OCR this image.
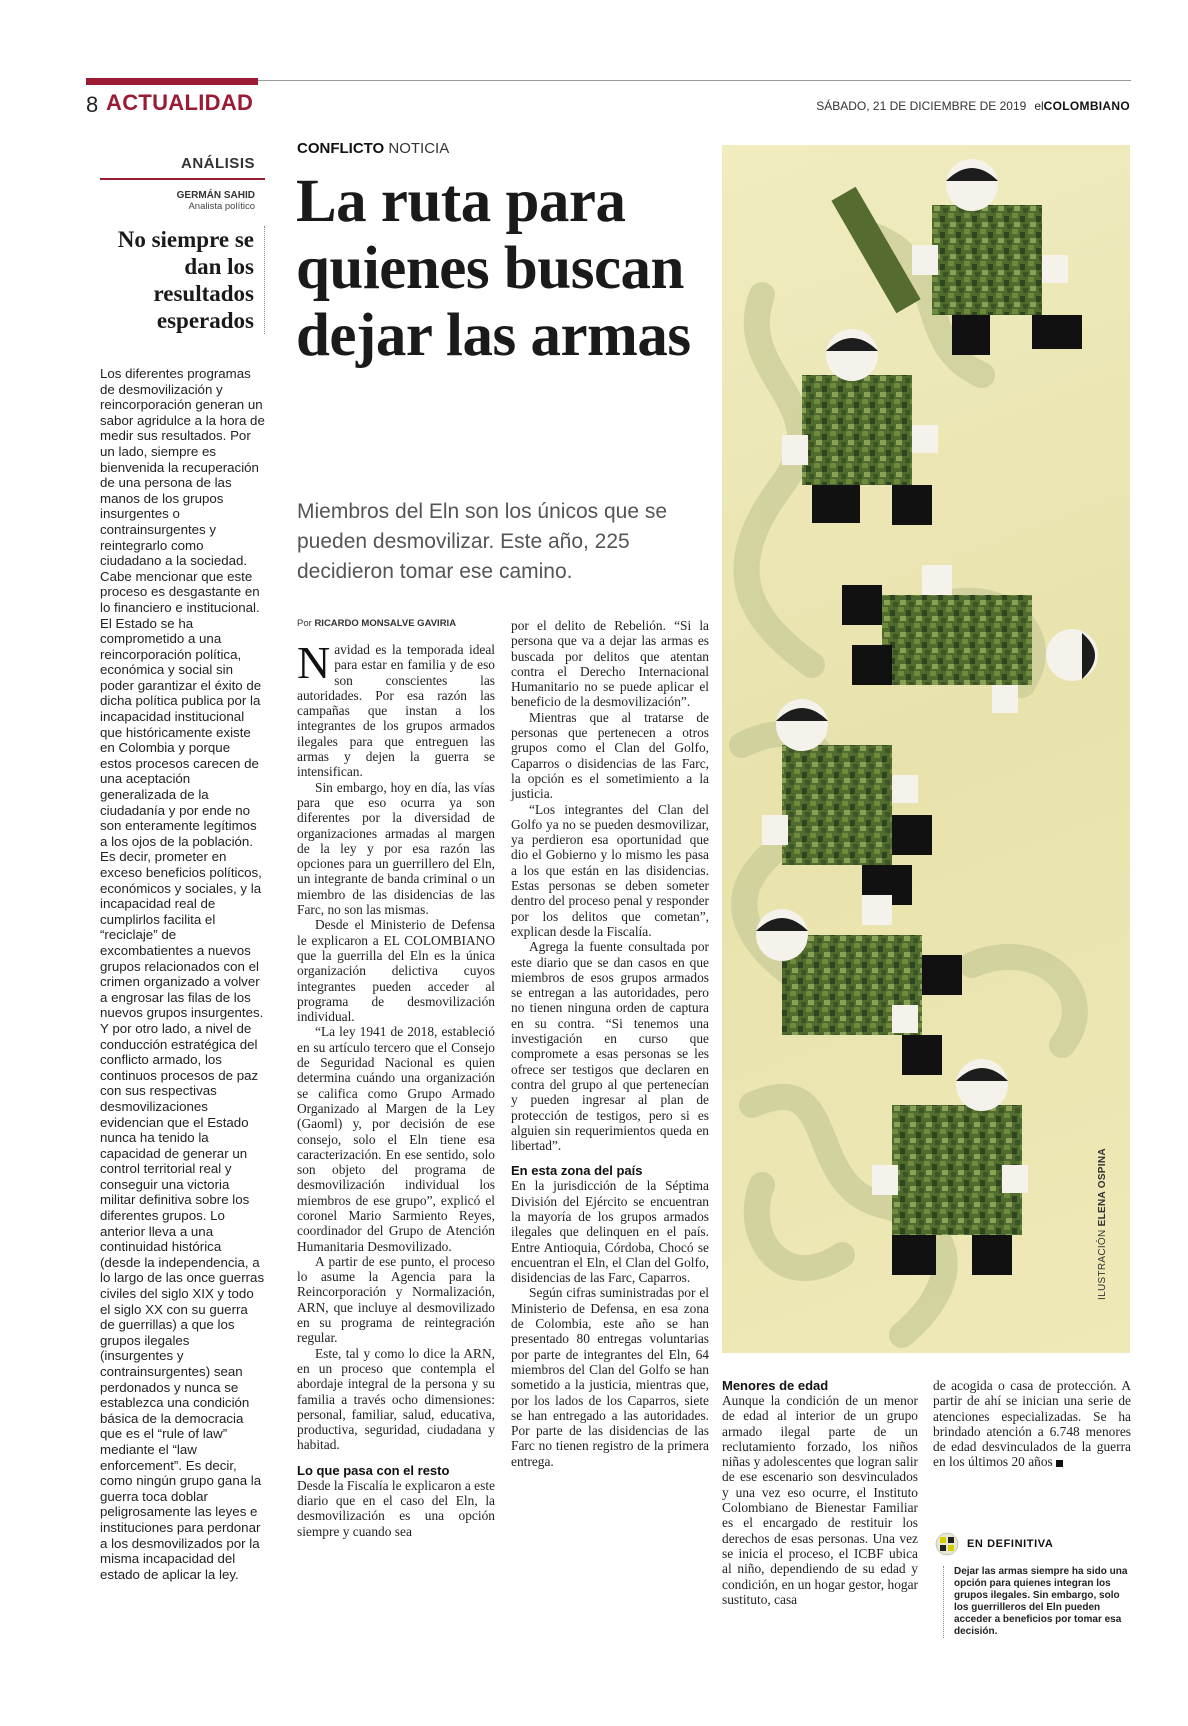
8 ACTUALIDAD	SÁBADO, 21 DE DICIEMBRE DE 2019 elCOLOMBIANO
ANÁLISIS
GERMÁN SAHID
Analista político
No siempre se dan los resultados esperados
Los diferentes programas de desmovilización y reincorporación generan un sabor agridulce a la hora de medir sus resultados. Por un lado, siempre es bienvenida la recuperación de una persona de las manos de los grupos insurgentes o contrainsurgentes y reintegrarlo como ciudadano a la sociedad. Cabe mencionar que este proceso es desgastante en lo financiero e institucional. El Estado se ha comprometido a una reincorporación política, económica y social sin poder garantizar el éxito de dicha política publica por la incapacidad institucional que históricamente existe en Colombia y porque estos procesos carecen de una aceptación generalizada de la ciudadanía y por ende no son enteramente legítimos a los ojos de la población. Es decir, prometer en exceso beneficios políticos, económicos y sociales, y la incapacidad real de cumplirlos facilita el “reciclaje” de excombatientes a nuevos grupos relacionados con el crimen organizado a volver a engrosar las filas de los nuevos grupos insurgentes. Y por otro lado, a nivel de conducción estratégica del conflicto armado, los continuos procesos de paz con sus respectivas desmovilizaciones evidencian que el Estado nunca ha tenido la capacidad de generar un control territorial real y conseguir una victoria militar definitiva sobre los diferentes grupos. Lo anterior lleva a una continuidad histórica (desde la independencia, a lo largo de las once guerras civiles del siglo XIX y todo el siglo XX con su guerra de guerrillas) a que los grupos ilegales (insurgentes y contrainsurgentes) sean perdonados y nunca se establezca una condición básica de la democracia que es el “rule of law” mediante el “law enforcement”. Es decir, como ningún grupo gana la guerra toca doblar peligrosamente las leyes e instituciones para perdonar a los desmovilizados por la misma incapacidad del estado de aplicar la ley.
CONFLICTO NOTICIA
La ruta para quienes buscan dejar las armas
Miembros del Eln son los únicos que se pueden desmovilizar. Este año, 225 decidieron tomar ese camino.
Por RICARDO MONSALVE GAVIRIA

Navidad es la temporada ideal para estar en familia y de eso son conscientes las autoridades. Por esa razón las campañas que instan a los integrantes de los grupos armados ilegales para que entreguen las armas y dejen la guerra se intensifican.

Sin embargo, hoy en día, las vías para que eso ocurra ya son diferentes por la diversidad de organizaciones armadas al margen de la ley y por esa razón las opciones para un guerrillero del Eln, un integrante de banda criminal o un miembro de las disidencias de las Farc, no son las mismas.

Desde el Ministerio de Defensa le explicaron a EL COLOMBIANO que la guerrilla del Eln es la única organización delictiva cuyos integrantes pueden acceder al programa de desmovilización individual.

“La ley 1941 de 2018, estableció en su artículo tercero que el Consejo de Seguridad Nacional es quien determina cuándo una organización se califica como Grupo Armado Organizado al Margen de la Ley (Gaoml) y, por decisión de ese consejo, solo el Eln tiene esa caracterización. En ese sentido, solo son objeto del programa de desmovilización individual los miembros de ese grupo”, explicó el coronel Mario Sarmiento Reyes, coordinador del Grupo de Atención Humanitaria Desmovilizado.

A partir de ese punto, el proceso lo asume la Agencia para la Reincorporación y Normalización, ARN, que incluye al desmovilizado en su programa de reintegración regular.

Este, tal y como lo dice la ARN, en un proceso que contempla el abordaje integral de la persona y su familia a través ocho dimensiones: personal, familiar, salud, educativa, productiva, seguridad, ciudadana y habitad.

Lo que pasa con el resto

Desde la Fiscalía le explicaron a este diario que en el caso del Eln, la desmovilización es una opción siempre y cuando sea

por el delito de Rebelión. “Si la persona que va a dejar las armas es buscada por delitos que atentan contra el Derecho Internacional Humanitario no se puede aplicar el beneficio de la desmovilización”.

Mientras que al tratarse de personas que pertenecen a otros grupos como el Clan del Golfo, Caparros o disidencias de las Farc, la opción es el sometimiento a la justicia.

“Los integrantes del Clan del Golfo ya no se pueden desmovilizar, ya perdieron esa oportunidad que dio el Gobierno y lo mismo les pasa a los que están en las disidencias. Estas personas se deben someter dentro del proceso penal y responder por los delitos que cometan”, explican desde la Fiscalía.

Agrega la fuente consultada por este diario que se dan casos en que miembros de esos grupos armados se entregan a las autoridades, pero no tienen ninguna orden de captura en su contra. “Si tenemos una investigación en curso que compromete a esas personas se les ofrece ser testigos que declaren en contra del grupo al que pertenecían y pueden ingresar al plan de protección de testigos, pero si es alguien sin requerimientos queda en libertad”.

En esta zona del país

En la jurisdicción de la Séptima División del Ejército se encuentran la mayoría de los grupos armados ilegales que delinquen en el país. Entre Antioquia, Córdoba, Chocó se encuentran el Eln, el Clan del Golfo, disidencias de las Farc, Caparros.

Según cifras suministradas por el Ministerio de Defensa, en esa zona de Colombia, este año se han presentado 80 entregas voluntarias por parte de integrantes del Eln, 64 miembros del Clan del Golfo se han sometido a la justicia, mientras que, por los lados de los Caparros, siete se han entregado a las autoridades. Por parte de las disidencias de las Farc no tienen registro de la primera entrega.

ILUSTRACIÓN ELENA OSPINA
Menores de edad

Aunque la condición de un menor de edad al interior de un grupo armado ilegal parte de un reclutamiento forzado, los niños niñas y adolescentes que logran salir de ese escenario son desvinculados y una vez eso ocurre, el Instituto Colombiano de Bienestar Familiar es el encargado de restituir los derechos de esas personas. Una vez se inicia el proceso, el ICBF ubica al niño, dependiendo de su edad y condición, en un hogar gestor, hogar sustituto, casa

de acogida o casa de protección. A partir de ahí se inician una serie de atenciones especializadas. Se ha brindado atención a 6.748 menores de edad desvinculados de la guerra en los últimos 20 años

EN DEFINITIVA
Dejar las armas siempre ha sido una opción para quienes integran los grupos ilegales. Sin embargo, solo los guerrilleros del Eln pueden acceder a beneficios por tomar esa decisión.
